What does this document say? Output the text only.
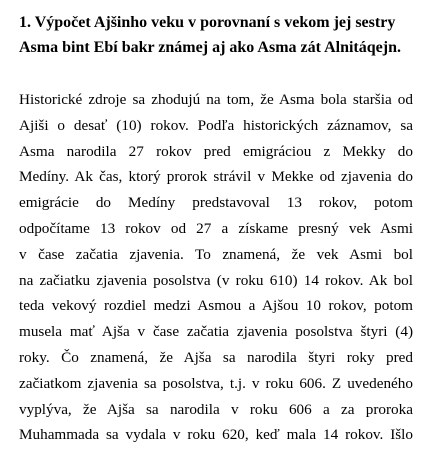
1. Výpočet Ajšinho veku v porovnaní s vekom jej sestry
Asma bint Ebí bakr známej aj ako Asma zát Alnitáqejn.
Historické zdroje sa zhodujú na tom, že Asma bola staršia od
Ajiši o desať (10) rokov. Podľa historických záznamov, sa
Asma narodila 27 rokov pred emigráciou z Mekky do
Medíny. Ak čas, ktorý prorok strávil v Mekke od zjavenia do
emigrácie do Medíny predstavoval 13 rokov, potom
odpočítame 13 rokov od 27 a získame presný vek Asmi
v čase začatia zjavenia. To znamená, že vek Asmi bol
na začiatku zjavenia posolstva (v roku 610) 14 rokov. Ak bol
teda vekový rozdiel medzi Asmou a Ajšou 10 rokov, potom
musela mať Ajša v čase začatia zjavenia posolstva štyri (4)
roky. Čo znamená, že Ajša sa narodila štyri roky pred
začiatkom zjavenia sa posolstva, t.j. v roku 606. Z uvedeného
vyplýva, že Ajša sa narodila v roku 606 a za proroka
Muhammada sa vydala v roku 620, keď mala 14 rokov. Išlo
